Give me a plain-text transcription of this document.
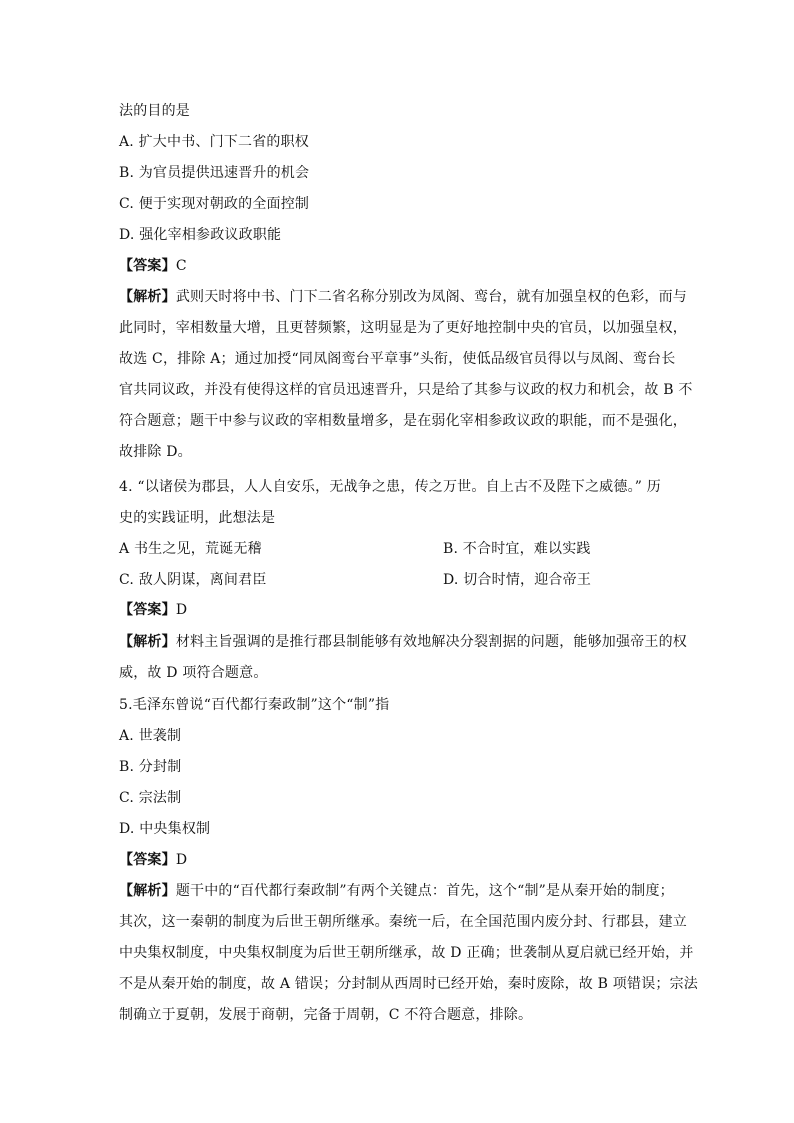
法的目的是
A. 扩大中书、门下二省的职权
B. 为官员提供迅速晋升的机会
C. 便于实现对朝政的全面控制
D. 强化宰相参政议政职能
【答案】C
【解析】武则天时将中书、门下二省名称分别改为凤阁、鸾台，就有加强皇权的色彩，而与
此同时，宰相数量大增，且更替频繁，这明显是为了更好地控制中央的官员，以加强皇权，
故选 C，排除 A；通过加授“同凤阁鸾台平章事”头衔，使低品级官员得以与凤阁、鸾台长
官共同议政，并没有使得这样的官员迅速晋升，只是给了其参与议政的权力和机会，故 B 不
符合题意；题干中参与议政的宰相数量增多，是在弱化宰相参政议政的职能，而不是强化，
故排除 D。
4. “以诸侯为郡县，人人自安乐，无战争之患，传之万世。自上古不及陛下之威德。” 历
史的实践证明，此想法是
A 书生之见，荒诞无稽	B. 不合时宜，难以实践
C. 敌人阴谋，离间君臣	D. 切合时情，迎合帝王
【答案】D
【解析】材料主旨强调的是推行郡县制能够有效地解决分裂割据的问题，能够加强帝王的权
威，故 D 项符合题意。
5.毛泽东曾说“百代都行秦政制”这个“制”指
A. 世袭制
B. 分封制
C. 宗法制
D. 中央集权制
【答案】D
【解析】题干中的“百代都行秦政制”有两个关键点：首先，这个“制”是从秦开始的制度；
其次，这一秦朝的制度为后世王朝所继承。秦统一后，在全国范围内废分封、行郡县，建立
中央集权制度，中央集权制度为后世王朝所继承，故 D 正确；世袭制从夏启就已经开始，并
不是从秦开始的制度，故 A 错误；分封制从西周时已经开始，秦时废除，故 B 项错误；宗法
制确立于夏朝，发展于商朝，完备于周朝，C 不符合题意，排除。
